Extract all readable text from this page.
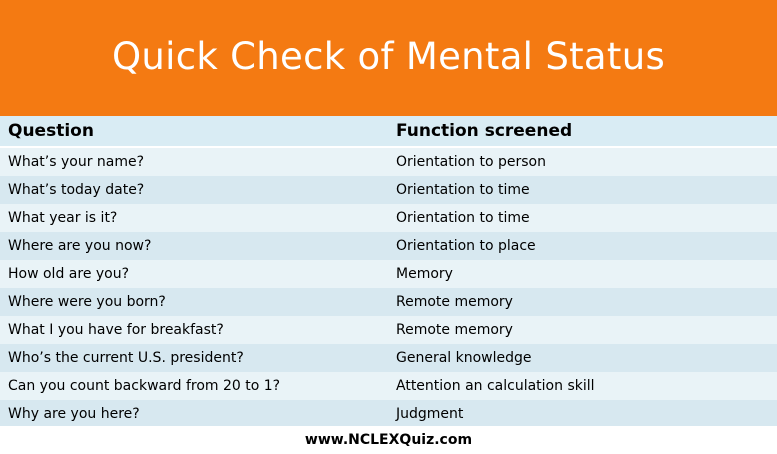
Quick Check of Mental Status
Question	Function screened
What’s your name?	Orientation to person
What’s today date?	Orientation to time
What year is it?	Orientation to time
Where are you now?	Orientation to place
How old are you?	Memory
Where were you born?	Remote memory
What I you have for breakfast?	Remote memory
Who’s the current U.S. president?	General knowledge
Can you count backward from 20 to 1?	Attention an calculation skill
Why are you here?	Judgment
www.NCLEXQuiz.com
